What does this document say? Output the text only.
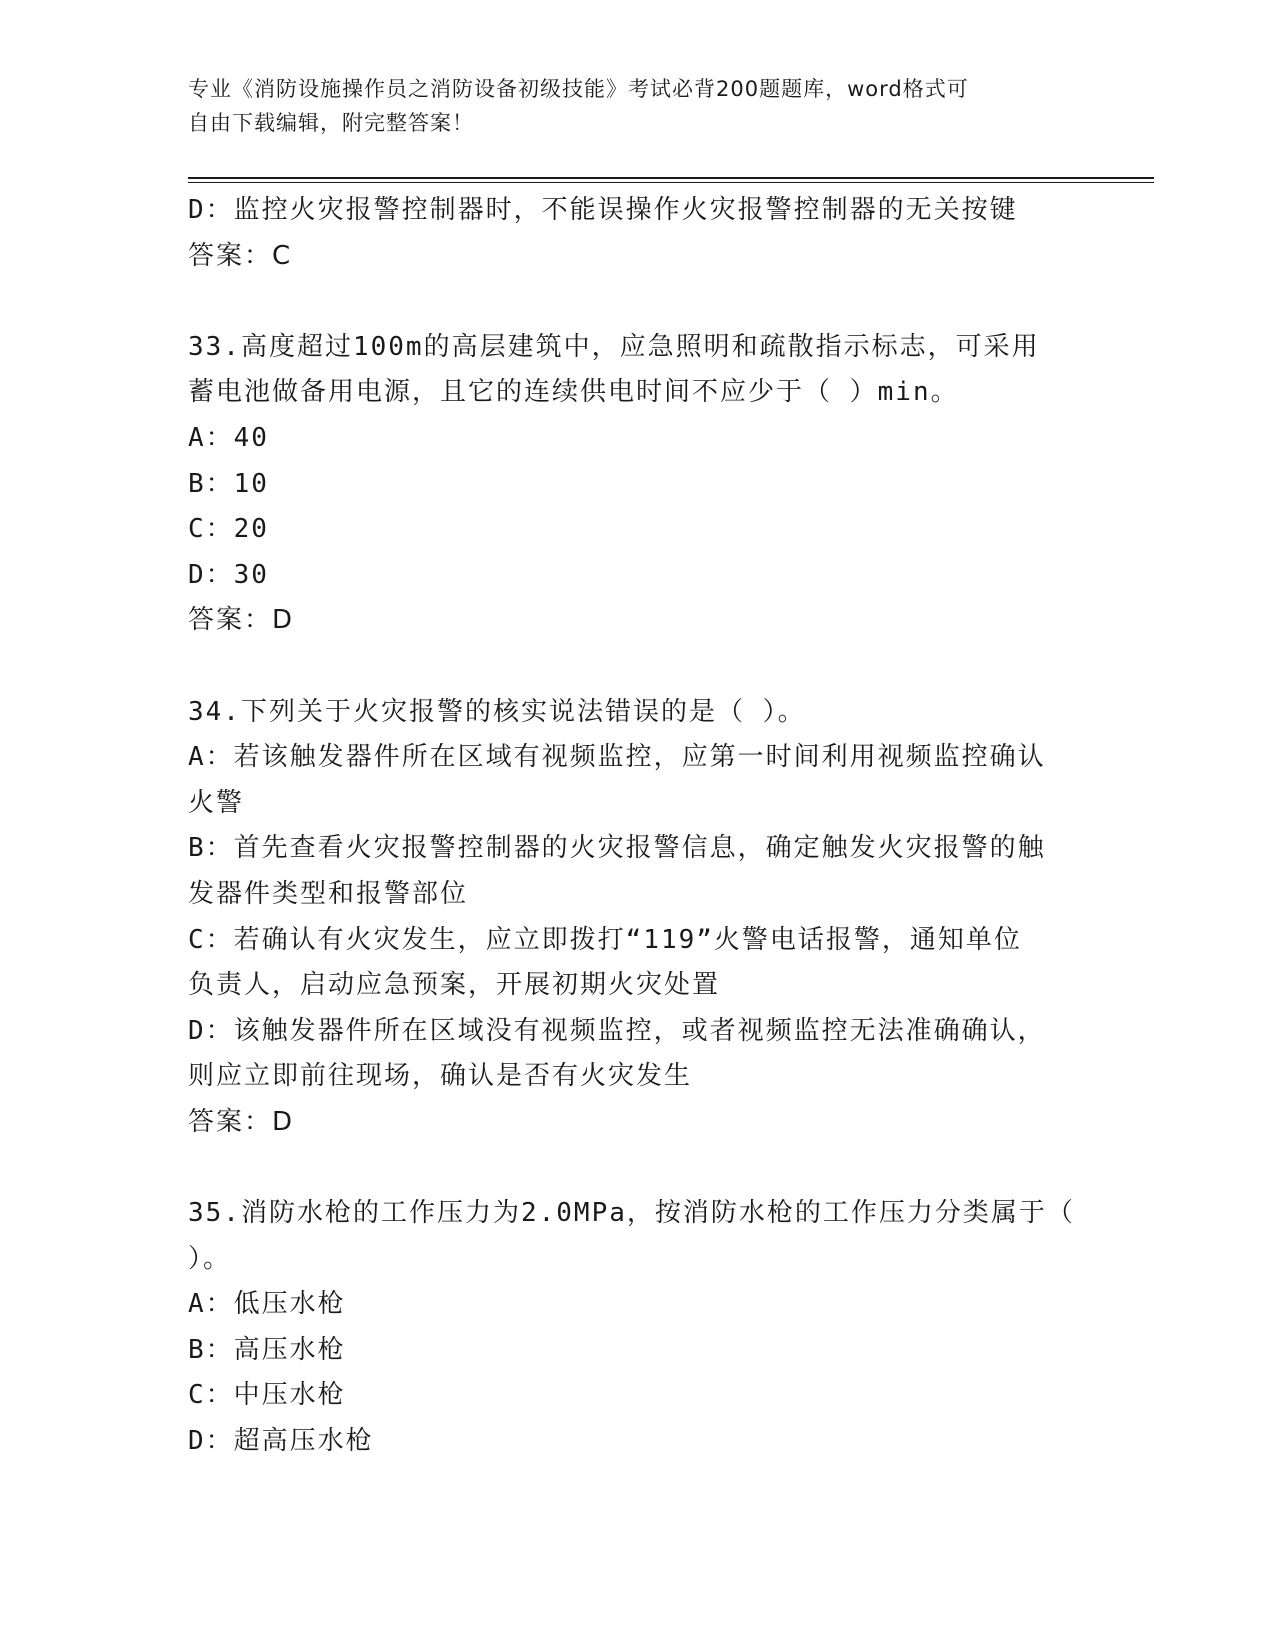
专业《消防设施操作员之消防设备初级技能》考试必背200题题库，word格式可
自由下载编辑，附完整答案！
D：监控火灾报警控制器时，不能误操作火灾报警控制器的无关按键
答案：C
33.高度超过100m的高层建筑中，应急照明和疏散指示标志，可采用
蓄电池做备用电源，且它的连续供电时间不应少于（ ）min。
A：40
B：10
C：20
D：30
答案：D
34.下列关于火灾报警的核实说法错误的是（ ）。
A：若该触发器件所在区域有视频监控，应第一时间利用视频监控确认
火警
B：首先查看火灾报警控制器的火灾报警信息，确定触发火灾报警的触
发器件类型和报警部位
C：若确认有火灾发生，应立即拨打“119”火警电话报警，通知单位
负责人，启动应急预案，开展初期火灾处置
D：该触发器件所在区域没有视频监控，或者视频监控无法准确确认，
则应立即前往现场，确认是否有火灾发生
答案：D
35.消防水枪的工作压力为2.0MPa，按消防水枪的工作压力分类属于（
）。
A：低压水枪
B：高压水枪
C：中压水枪
D：超高压水枪
